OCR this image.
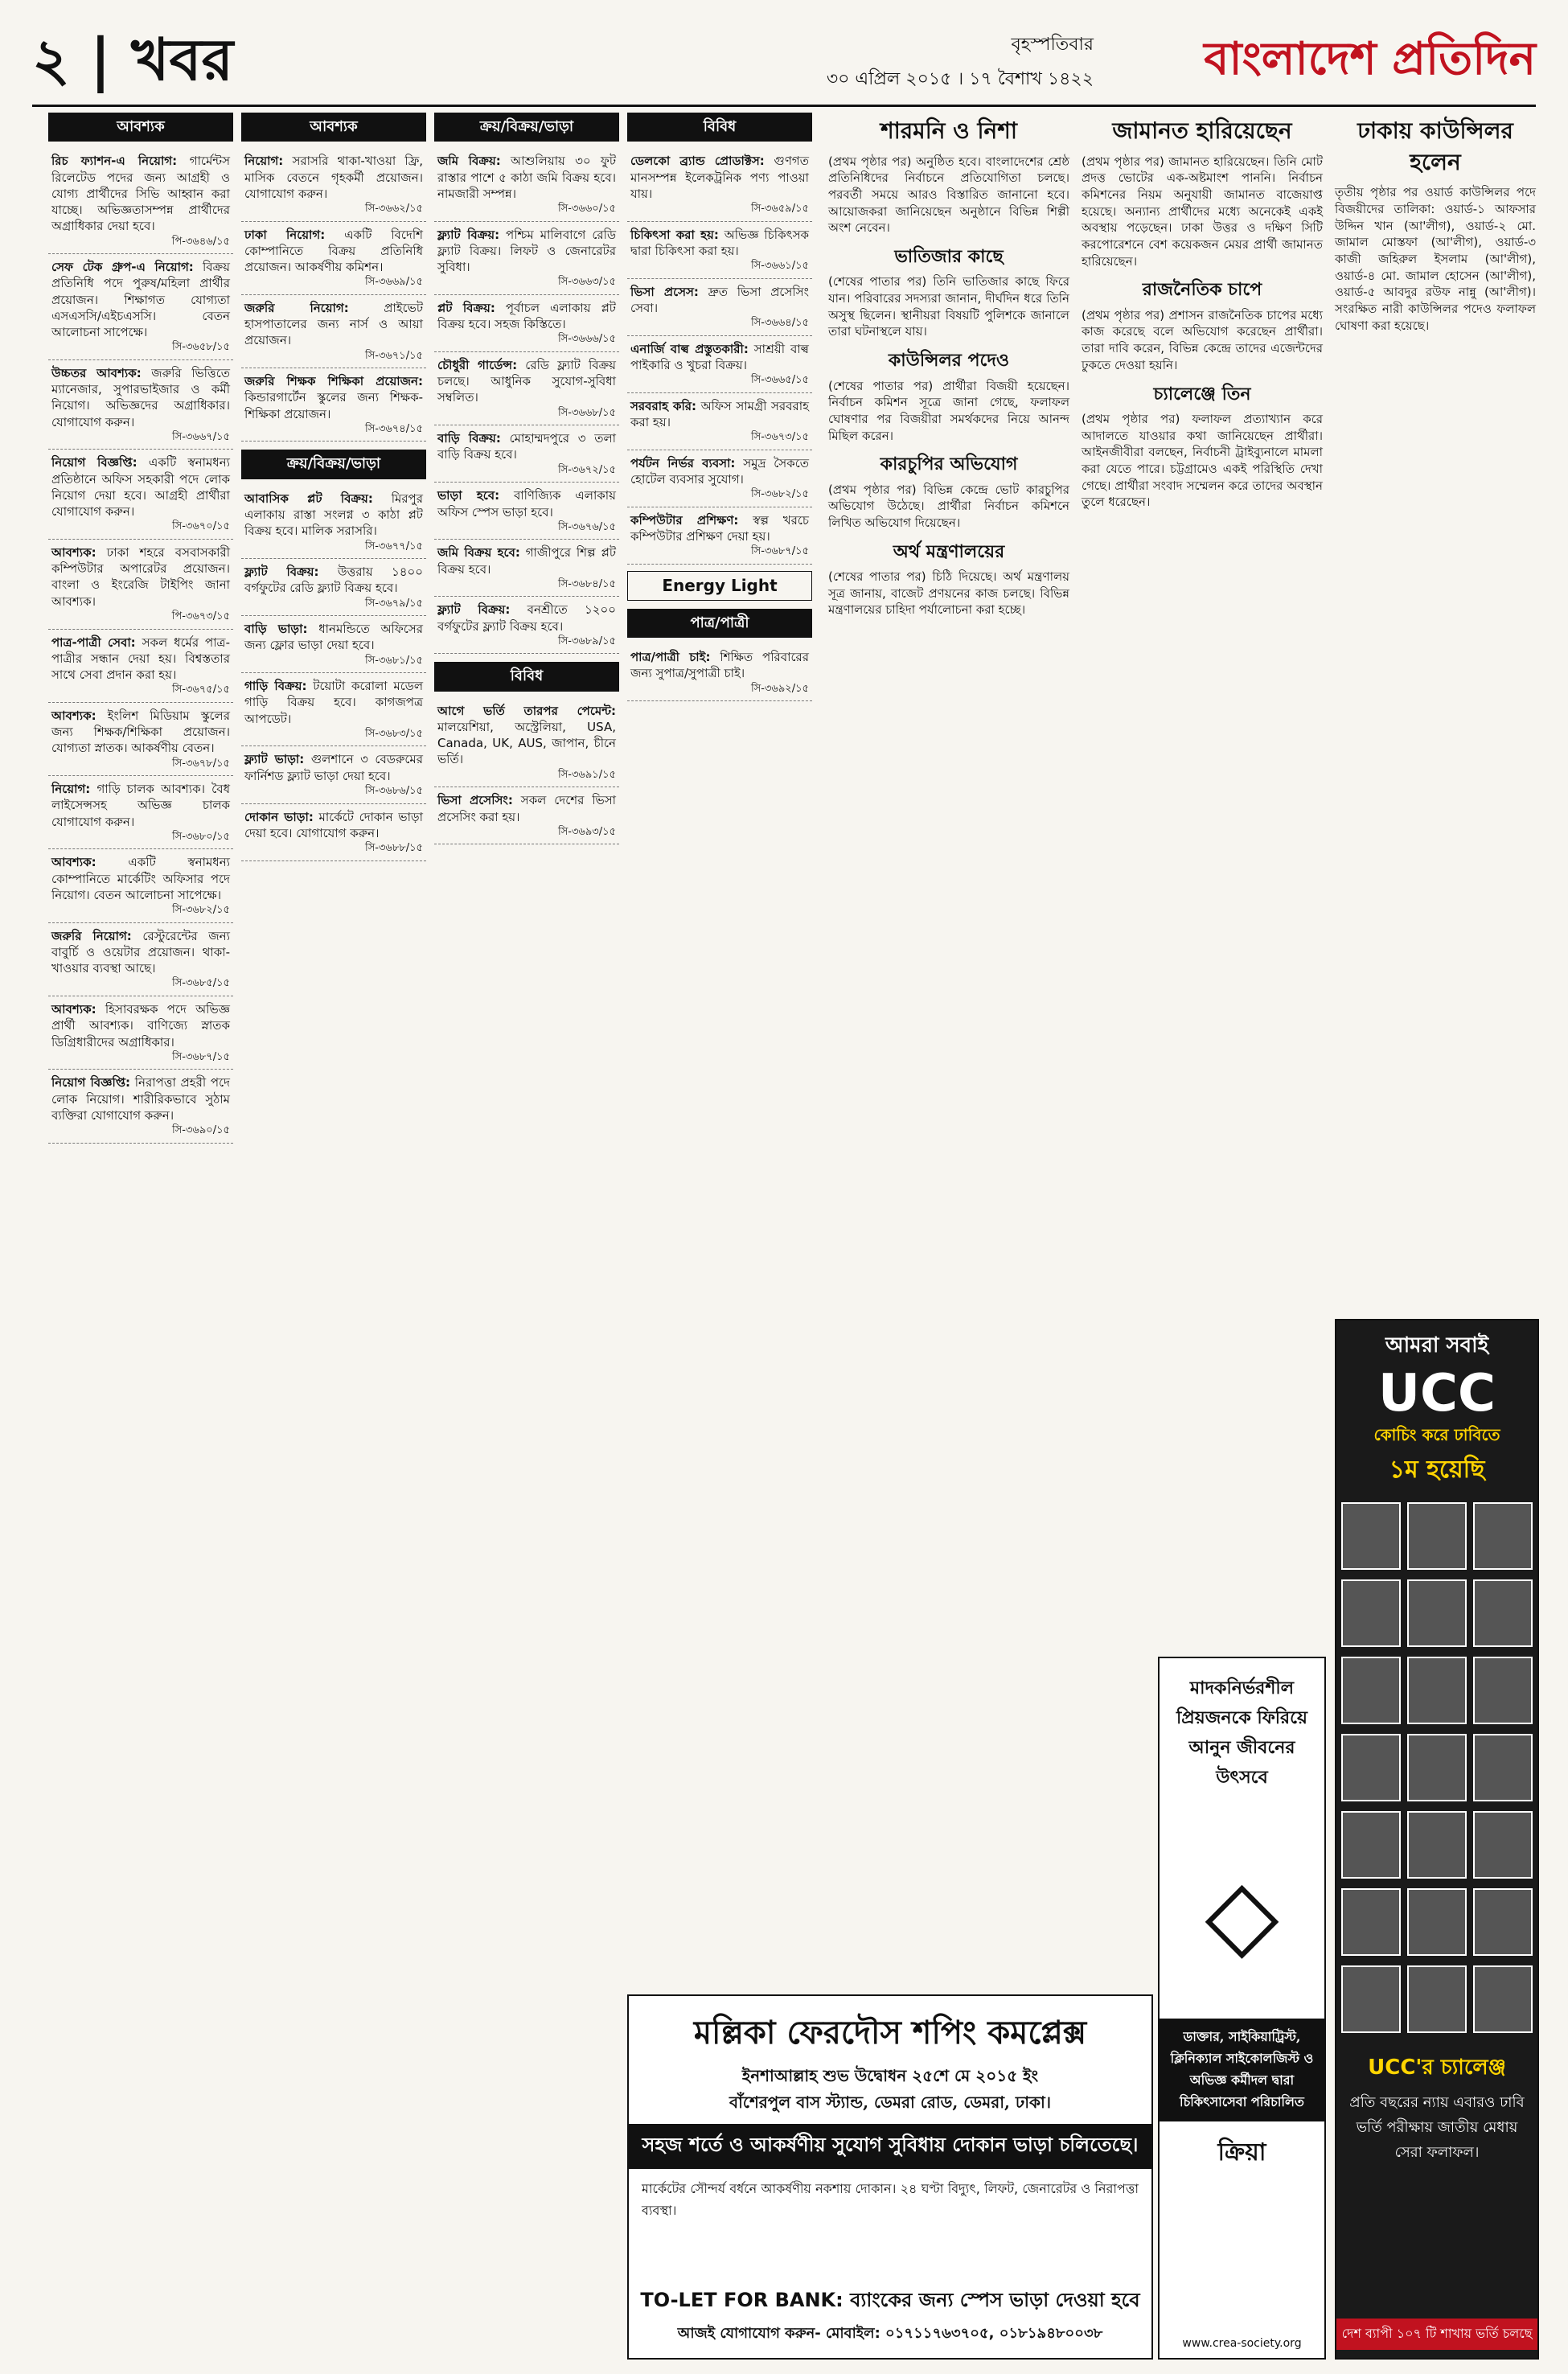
২ | খবর	বৃহস্পতিবার
৩০ এপ্রিল ২০১৫ । ১৭ বৈশাখ ১৪২২ বাংলাদেশ প্রতিদিন
আবশ্যক
রিচ ফ্যাশন-এ নিয়োগ: গার্মেন্টস রিলেটেড পদের জন্য আগ্রহী ও যোগ্য প্রার্থীদের সিভি আহ্বান করা যাচ্ছে। অভিজ্ঞতাসম্পন্ন প্রার্থীদের অগ্রাধিকার দেয়া হবে।
পি-৩৬৪৬/১৫
সেফ টেক গ্রুপ-এ নিয়োগ: বিক্রয় প্রতিনিধি পদে পুরুষ/মহিলা প্রার্থীর প্রয়োজন। শিক্ষাগত যোগ্যতা এসএসসি/এইচএসসি। বেতন আলোচনা সাপেক্ষে।
সি-৩৬৫৮/১৫
উচ্চতর আবশ্যক: জরুরি ভিত্তিতে ম্যানেজার, সুপারভাইজার ও কর্মী নিয়োগ। অভিজ্ঞদের অগ্রাধিকার। যোগাযোগ করুন।
সি-৩৬৬৭/১৫
নিয়োগ বিজ্ঞপ্তি: একটি স্বনামধন্য প্রতিষ্ঠানে অফিস সহকারী পদে লোক নিয়োগ দেয়া হবে। আগ্রহী প্রার্থীরা যোগাযোগ করুন।
সি-৩৬৭০/১৫
আবশ্যক: ঢাকা শহরে বসবাসকারী কম্পিউটার অপারেটর প্রয়োজন। বাংলা ও ইংরেজি টাইপিং জানা আবশ্যক।
পি-৩৬৭৩/১৫
পাত্র-পাত্রী সেবা: সকল ধর্মের পাত্র-পাত্রীর সন্ধান দেয়া হয়। বিশ্বস্ততার সাথে সেবা প্রদান করা হয়।
সি-৩৬৭৫/১৫
আবশ্যক: ইংলিশ মিডিয়াম স্কুলের জন্য শিক্ষক/শিক্ষিকা প্রয়োজন। যোগ্যতা স্নাতক। আকর্ষণীয় বেতন।
সি-৩৬৭৮/১৫
নিয়োগ: গাড়ি চালক আবশ্যক। বৈধ লাইসেন্সসহ অভিজ্ঞ চালক যোগাযোগ করুন।
সি-৩৬৮০/১৫
আবশ্যক:	একটি স্বনামধন্য কোম্পানিতে মার্কেটিং অফিসার পদে নিয়োগ। বেতন আলোচনা সাপেক্ষে।
সি-৩৬৮২/১৫
জরুরি নিয়োগ: রেস্টুরেন্টের জন্য বাবুর্চি ও ওয়েটার প্রয়োজন। থাকা-খাওয়ার ব্যবস্থা আছে।
সি-৩৬৮৫/১৫
আবশ্যক: হিসাবরক্ষক পদে অভিজ্ঞ প্রার্থী আবশ্যক। বাণিজ্যে স্নাতক ডিগ্রিধারীদের অগ্রাধিকার।
সি-৩৬৮৭/১৫
নিয়োগ বিজ্ঞপ্তি: নিরাপত্তা প্রহরী পদে লোক নিয়োগ। শারীরিকভাবে সুঠাম ব্যক্তিরা যোগাযোগ করুন।
সি-৩৬৯০/১৫
আবশ্যক
নিয়োগ: সরাসরি থাকা-খাওয়া ফ্রি, মাসিক বেতনে গৃহকর্মী প্রয়োজন। যোগাযোগ করুন।
সি-৩৬৬২/১৫
ঢাকা নিয়োগ: একটি বিদেশি কোম্পানিতে বিক্রয় প্রতিনিধি প্রয়োজন। আকর্ষণীয় কমিশন।
সি-৩৬৬৯/১৫
জরুরি নিয়োগ:	প্রাইভেট হাসপাতালের জন্য নার্স ও আয়া প্রয়োজন।
সি-৩৬৭১/১৫
জরুরি শিক্ষক শিক্ষিকা প্রয়োজন: কিন্ডারগার্টেন স্কুলের জন্য শিক্ষক-শিক্ষিকা প্রয়োজন।
সি-৩৬৭৪/১৫
ক্রয়/বিক্রয়/ভাড়া
আবাসিক প্লট বিক্রয়: মিরপুর এলাকায় রাস্তা সংলগ্ন ৩ কাঠা প্লট বিক্রয় হবে। মালিক সরাসরি।
সি-৩৬৭৭/১৫
ফ্ল্যাট বিক্রয়: উত্তরায় ১৪০০ বর্গফুটের রেডি ফ্ল্যাট বিক্রয় হবে।
সি-৩৬৭৯/১৫
বাড়ি ভাড়া: ধানমন্ডিতে অফিসের জন্য ফ্লোর ভাড়া দেয়া হবে।
সি-৩৬৮১/১৫
গাড়ি বিক্রয়: টয়োটা করোলা মডেল গাড়ি বিক্রয় হবে। কাগজপত্র আপডেট।
সি-৩৬৮৩/১৫
ফ্ল্যাট ভাড়া: গুলশানে ৩ বেডরুমের ফার্নিশড ফ্ল্যাট ভাড়া দেয়া হবে।
সি-৩৬৮৬/১৫
দোকান ভাড়া: মার্কেটে দোকান ভাড়া দেয়া হবে। যোগাযোগ করুন।
সি-৩৬৮৮/১৫
ক্রয়/বিক্রয়/ভাড়া
জমি বিক্রয়: আশুলিয়ায় ৩০ ফুট রাস্তার পাশে ৫ কাঠা জমি বিক্রয় হবে। নামজারী সম্পন্ন।
সি-৩৬৬০/১৫
ফ্ল্যাট বিক্রয়: পশ্চিম মালিবাগে রেডি ফ্ল্যাট বিক্রয়। লিফট ও জেনারেটর সুবিধা।
সি-৩৬৬৩/১৫
প্লট বিক্রয়: পূর্বাচল এলাকায় প্লট বিক্রয় হবে। সহজ কিস্তিতে।
সি-৩৬৬৬/১৫
চৌধুরী গার্ডেন্স: রেডি ফ্ল্যাট বিক্রয় চলছে। আধুনিক সুযোগ-সুবিধা সম্বলিত।
সি-৩৬৬৮/১৫
বাড়ি বিক্রয়: মোহাম্মদপুরে ৩ তলা বাড়ি বিক্রয় হবে।
সি-৩৬৭২/১৫
ভাড়া হবে: বাণিজ্যিক এলাকায় অফিস স্পেস ভাড়া হবে।
সি-৩৬৭৬/১৫
জমি বিক্রয় হবে: গাজীপুরে শিল্প প্লট বিক্রয় হবে।
সি-৩৬৮৪/১৫
ফ্ল্যাট বিক্রয়: বনশ্রীতে ১২০০ বর্গফুটের ফ্ল্যাট বিক্রয় হবে।
সি-৩৬৮৯/১৫
বিবিধ
আগে ভর্তি তারপর পেমেন্ট: মালয়েশিয়া, অস্ট্রেলিয়া, USA, Canada, UK, AUS, জাপান, চীনে ভর্তি।
সি-৩৬৯১/১৫
ভিসা প্রসেসিং: সকল দেশের ভিসা প্রসেসিং করা হয়।
সি-৩৬৯৩/১৫
বিবিধ
ডেলকো ব্র্যান্ড প্রোডাক্টস: গুণগত মানসম্পন্ন ইলেকট্রনিক পণ্য পাওয়া যায়।
সি-৩৬৫৯/১৫
চিকিৎসা করা হয়: অভিজ্ঞ চিকিৎসক দ্বারা চিকিৎসা করা হয়।
সি-৩৬৬১/১৫
ভিসা প্রসেস: দ্রুত ভিসা প্রসেসিং সেবা।
সি-৩৬৬৪/১৫
এনার্জি বাল্ব প্রস্তুতকারী: সাশ্রয়ী বাল্ব পাইকারি ও খুচরা বিক্রয়।
সি-৩৬৬৫/১৫
সরবরাহ করি: অফিস সামগ্রী সরবরাহ করা হয়।
সি-৩৬৭৩/১৫
পর্যটন নির্ভর ব্যবসা: সমুদ্র সৈকতে হোটেল ব্যবসার সুযোগ।
সি-৩৬৮২/১৫
কম্পিউটার প্রশিক্ষণ: স্বল্প খরচে কম্পিউটার প্রশিক্ষণ দেয়া হয়।
সি-৩৬৮৭/১৫
Energy Light
পাত্র/পাত্রী
পাত্র/পাত্রী চাই: শিক্ষিত পরিবারের জন্য সুপাত্র/সুপাত্রী চাই।
সি-৩৬৯২/১৫
শারমনি ও নিশা
(প্রথম পৃষ্ঠার পর) অনুষ্ঠিত হবে। বাংলাদেশের শ্রেষ্ঠ প্রতিনিধিদের নির্বাচনে প্রতিযোগিতা চলছে। পরবর্তী সময়ে আরও বিস্তারিত জানানো হবে। আয়োজকরা জানিয়েছেন অনুষ্ঠানে বিভিন্ন শিল্পী অংশ নেবেন।
ভাতিজার কাছে
(শেষের পাতার পর) তিনি ভাতিজার কাছে ফিরে যান। পরিবারের সদস্যরা জানান, দীর্ঘদিন ধরে তিনি অসুস্থ ছিলেন। স্থানীয়রা বিষয়টি পুলিশকে জানালে তারা ঘটনাস্থলে যায়।
কাউন্সিলর পদেও
(শেষের পাতার পর) প্রার্থীরা বিজয়ী হয়েছেন। নির্বাচন কমিশন সূত্রে জানা গেছে, ফলাফল ঘোষণার পর বিজয়ীরা সমর্থকদের নিয়ে আনন্দ মিছিল করেন।
কারচুপির অভিযোগ
(প্রথম পৃষ্ঠার পর) বিভিন্ন কেন্দ্রে ভোট কারচুপির অভিযোগ উঠেছে। প্রার্থীরা নির্বাচন কমিশনে লিখিত অভিযোগ দিয়েছেন।
অর্থ মন্ত্রণালয়ের
(শেষের পাতার পর) চিঠি দিয়েছে। অর্থ মন্ত্রণালয় সূত্র জানায়, বাজেট প্রণয়নের কাজ চলছে। বিভিন্ন মন্ত্রণালয়ের চাহিদা পর্যালোচনা করা হচ্ছে।
জামানত হারিয়েছেন
(প্রথম পৃষ্ঠার পর) জামানত হারিয়েছেন। তিনি মোট প্রদত্ত ভোটের এক-অষ্টমাংশ পাননি। নির্বাচন কমিশনের নিয়ম অনুযায়ী জামানত বাজেয়াপ্ত হয়েছে। অন্যান্য প্রার্থীদের মধ্যে অনেকেই একই অবস্থায় পড়েছেন। ঢাকা উত্তর ও দক্ষিণ সিটি করপোরেশনে বেশ কয়েকজন মেয়র প্রার্থী জামানত হারিয়েছেন।
রাজনৈতিক চাপে
(প্রথম পৃষ্ঠার পর) প্রশাসন রাজনৈতিক চাপের মধ্যে কাজ করেছে বলে অভিযোগ করেছেন প্রার্থীরা। তারা দাবি করেন, বিভিন্ন কেন্দ্রে তাদের এজেন্টদের ঢুকতে দেওয়া হয়নি।
চ্যালেঞ্জে তিন
(প্রথম পৃষ্ঠার পর) ফলাফল প্রত্যাখ্যান করে আদালতে যাওয়ার কথা জানিয়েছেন প্রার্থীরা। আইনজীবীরা বলছেন, নির্বাচনী ট্রাইব্যুনালে মামলা করা যেতে পারে। চট্টগ্রামেও একই পরিস্থিতি দেখা গেছে। প্রার্থীরা সংবাদ সম্মেলন করে তাদের অবস্থান তুলে ধরেছেন।
ঢাকায় কাউন্সিলর হলেন
তৃতীয় পৃষ্ঠার পর ওয়ার্ড কাউন্সিলর পদে বিজয়ীদের তালিকা: ওয়ার্ড-১ আফসার উদ্দিন খান (আ'লীগ), ওয়ার্ড-২ মো. জামাল মোস্তফা (আ'লীগ), ওয়ার্ড-৩ কাজী জহিরুল ইসলাম (আ'লীগ), ওয়ার্ড-৪ মো. জামাল হোসেন (আ'লীগ), ওয়ার্ড-৫ আবদুর রউফ নান্নু (আ'লীগ)। সংরক্ষিত নারী কাউন্সিলর পদেও ফলাফল ঘোষণা করা হয়েছে।
আমরা সবাই
UCC
কোচিং করে ঢাবিতে
১ম হয়েছি

UCC'র চ্যালেঞ্জ
প্রতি বছরের ন্যায় এবারও ঢাবি ভর্তি পরীক্ষায় জাতীয় মেধায় সেরা ফলাফল।
দেশ ব্যাপী ১০৭ টি শাখায় ভর্তি চলছে
মাদকনির্ভরশীল প্রিয়জনকে ফিরিয়ে আনুন জীবনের উৎসবে
◇
ডাক্তার, সাইকিয়াট্রিস্ট, ক্লিনিক্যাল সাইকোলজিস্ট ও অভিজ্ঞ কর্মীদল দ্বারা চিকিৎসাসেবা পরিচালিত
ক্রিয়া
www.crea-society.org
মল্লিকা ফেরদৌস শপিং কমপ্লেক্স
ইনশাআল্লাহ শুভ উদ্বোধন ২৫শে মে ২০১৫ ইং
বাঁশেরপুল বাস স্ট্যান্ড, ডেমরা রোড, ডেমরা, ঢাকা।
সহজ শর্তে ও আকর্ষণীয় সুযোগ সুবিধায় দোকান ভাড়া চলিতেছে।
মার্কেটের সৌন্দর্য বর্ধনে আকর্ষণীয় নকশায় দোকান। ২৪ ঘণ্টা বিদ্যুৎ, লিফট, জেনারেটর ও নিরাপত্তা ব্যবস্থা।
TO-LET FOR BANK: ব্যাংকের জন্য স্পেস ভাড়া দেওয়া হবে
আজই যোগাযোগ করুন- মোবাইল: ০১৭১১৭৬৩৭০৫, ০১৮১৯৪৮০০৩৮
